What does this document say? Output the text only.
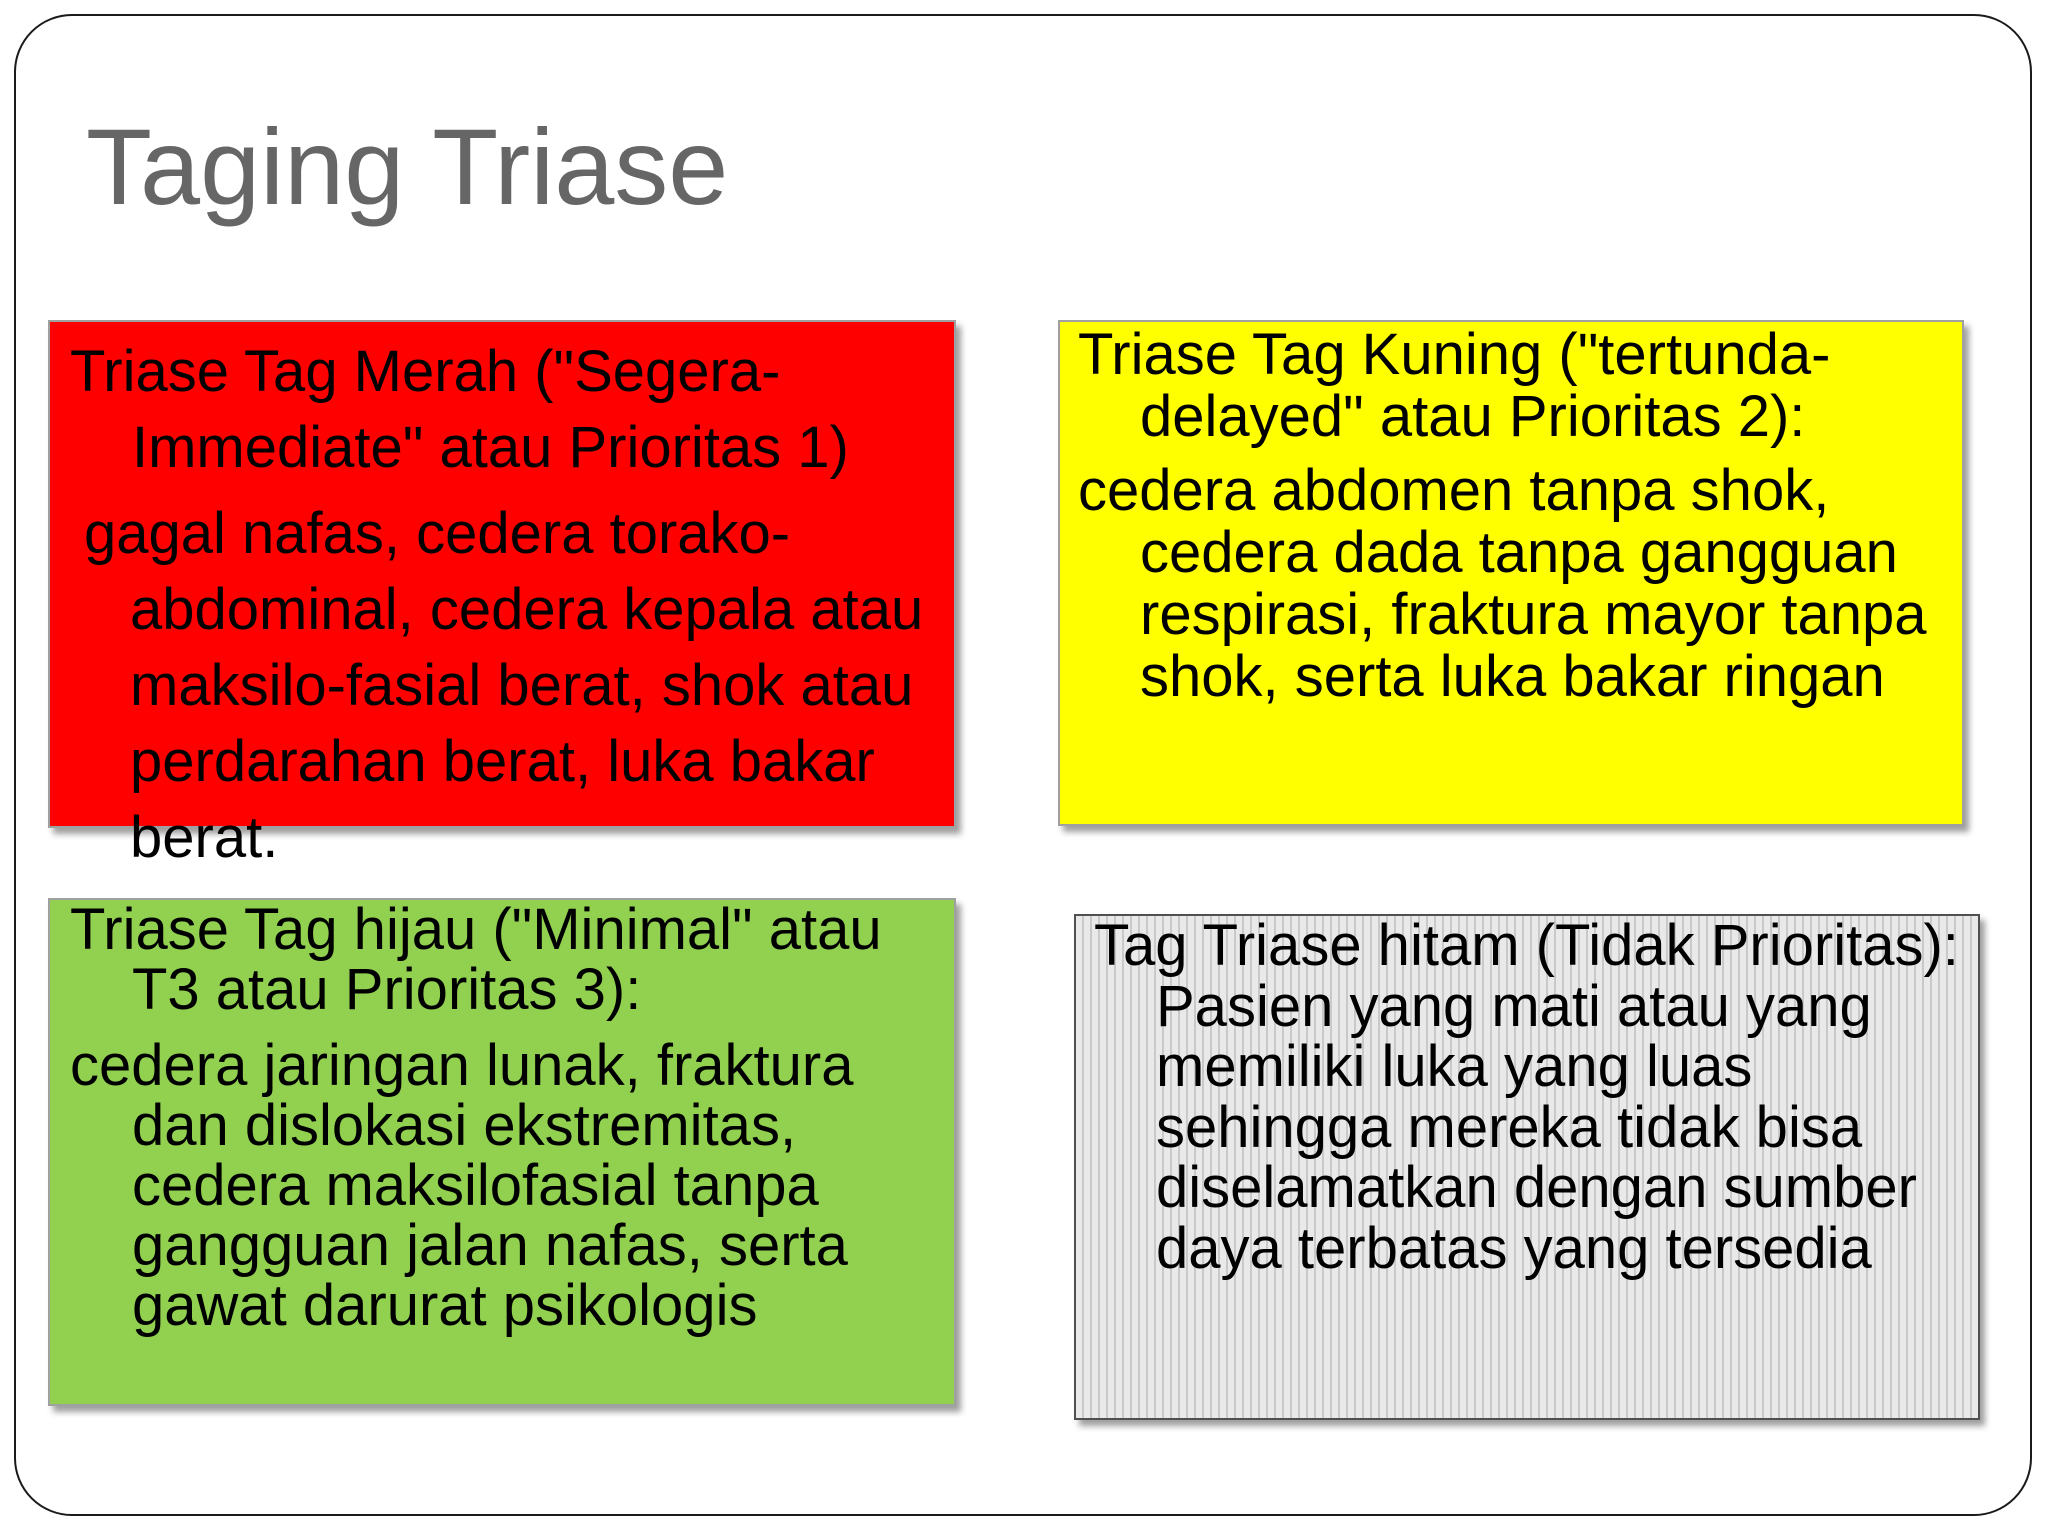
Taging Triase

Triase Tag Merah ("Segera-Immediate" atau Prioritas 1)

gagal nafas, cedera torako-abdominal, cedera kepala atau maksilo-fasial berat, shok atau perdarahan berat, luka bakar berat.

Triase Tag Kuning ("tertunda-delayed" atau Prioritas 2):

cedera abdomen tanpa shok, cedera dada tanpa gangguan respirasi, fraktura mayor tanpa shok, serta luka bakar ringan

Triase Tag hijau ("Minimal" atau T3 atau Prioritas 3):

cedera jaringan lunak, fraktura dan dislokasi ekstremitas, cedera maksilofasial tanpa gangguan jalan nafas, serta gawat darurat psikologis

Tag Triase hitam (Tidak Prioritas): Pasien yang mati atau yang memiliki luka yang luas sehingga mereka tidak bisa diselamatkan dengan sumber daya terbatas yang tersedia
